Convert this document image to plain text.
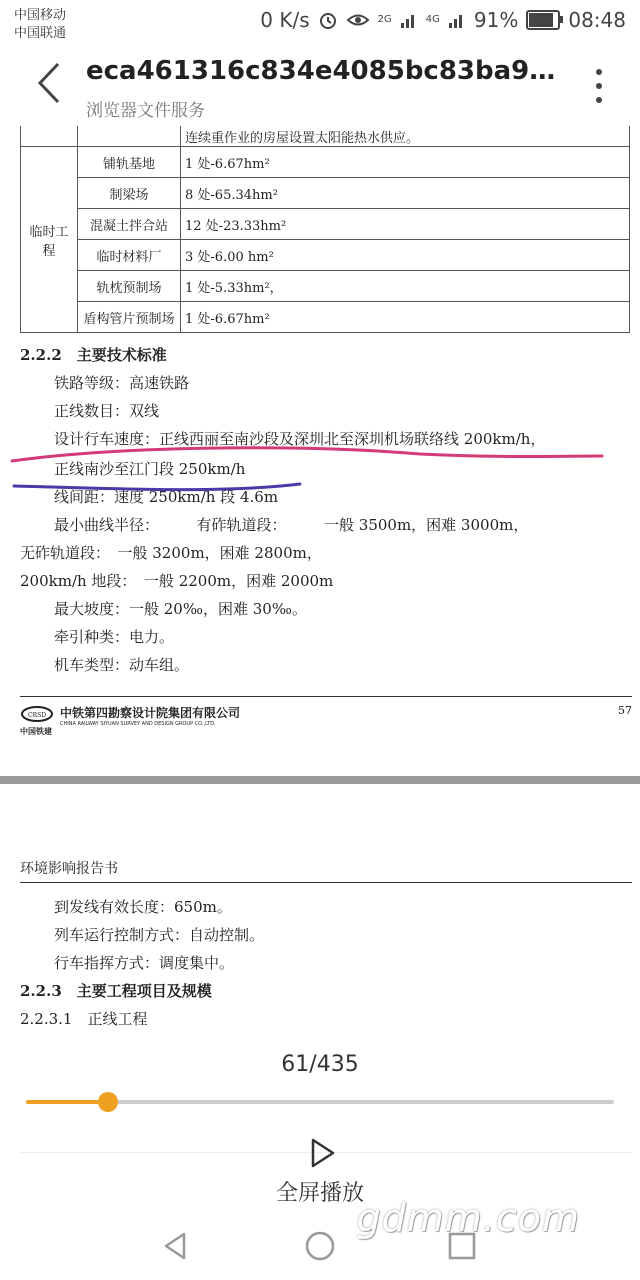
中国移动
中国联通
0 K/s	2G	4G 91%	08:48
eca461316c834e4085bc83ba9…
浏览器文件服务
		连续重作业的房屋设置太阳能热水供应。
临时工程	铺轨基地	1 处-6.67hm²
	制梁场	8 处-65.34hm²
	混凝土拌合站	12 处-23.33hm²
	临时材料厂	3 处-6.00 hm²
	轨枕预制场	1 处-5.33hm²，
	盾构管片预制场	1 处-6.67hm²
2.2.2　主要技术标准
铁路等级：高速铁路
正线数目：双线
设计行车速度：正线西丽至南沙段及深圳北至深圳机场联络线 200km/h，
正线南沙至江门段 250km/h
线间距：速度 250km/h 段 4.6m
最小曲线半径：　　　有砟轨道段：　　　一般 3500m，困难 3000m，
无砟轨道段：　一般 3200m，困难 2800m，
200km/h 地段：　一般 2200m，困难 2000m
最大坡度：一般 20‰，困难 30‰。
牵引种类：电力。
机车类型：动车组。
CRSD 中铁第四勘察设计院集团有限公司
CHINA RAILWAY SIYUAN SURVEY AND DESIGN GROUP CO.,LTD.
中国铁建
57
环境影响报告书
到发线有效长度：650m。
列车运行控制方式：自动控制。
行车指挥方式：调度集中。
2.2.3　主要工程项目及规模
2.2.3.1　正线工程
61/435
全屏播放
gdmm.com
